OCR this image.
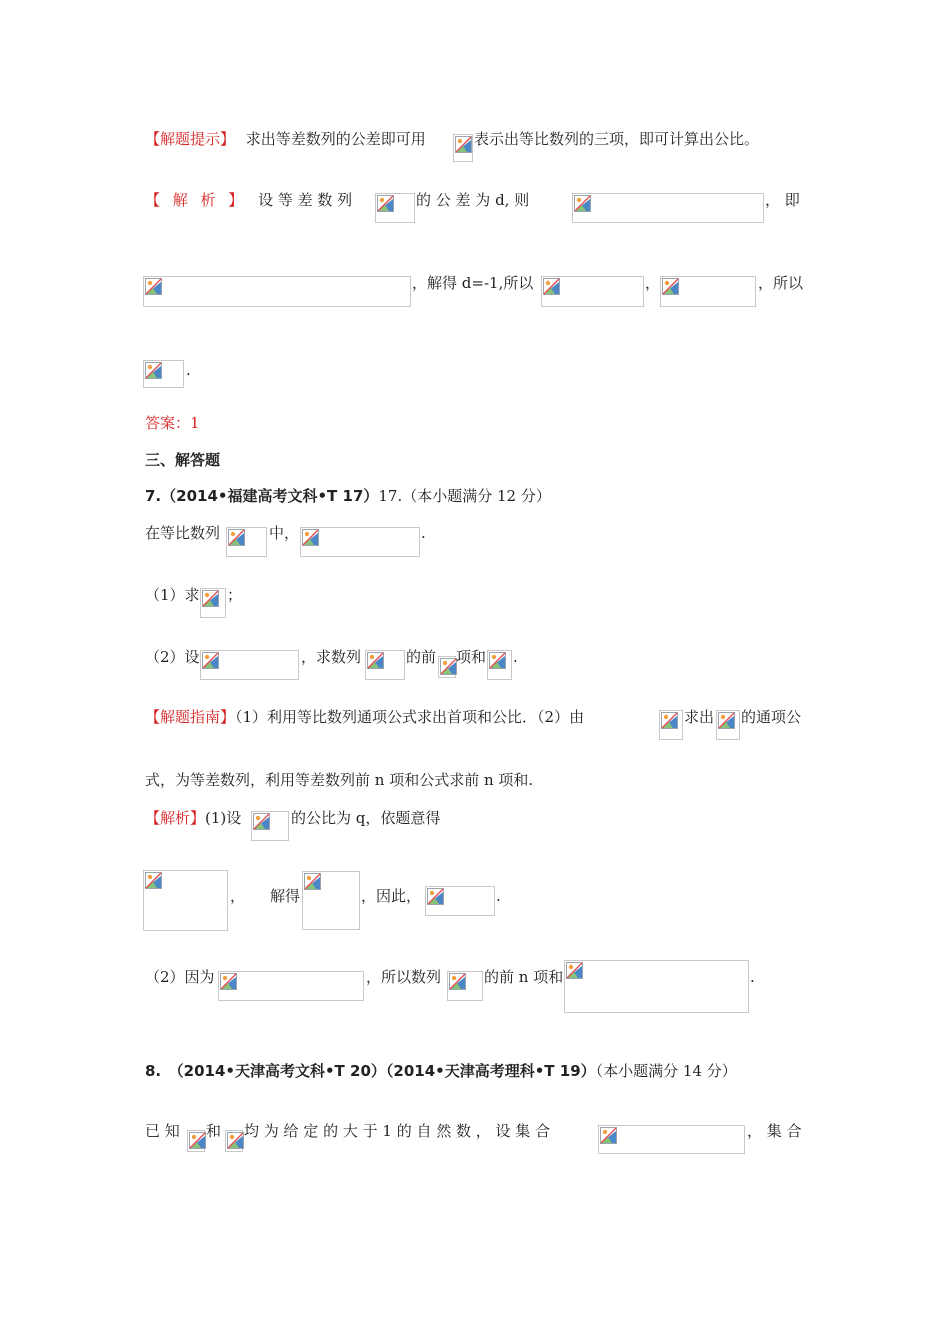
【解题提示】 求出等差数列的公差即可用	表示出等比数列的三项，即可计算出公比。
【 解 析 】 设 等 差 数 列	的 公 差 为 d, 则	， 即
，解得 d=-1,所以	，	，所以
.
答案：1
三、解答题
7.（2014•福建高考文科•T 17）17.（本小题满分 12 分）
在等比数列	中，	.
（1）求 ；
（2）设	，求数列	的前 项和 .
【解题指南】（1）利用等比数列通项公式求出首项和公比．（2）由	求出 的通项公
式，为等差数列，利用等差数列前 n 项和公式求前 n 项和.
【解析】(1)设	的公比为 q，依题意得
， 解得	，因此，	.
（2）因为	，所以数列	的前 n 项和	.
8.　（2014•天津高考文科•T 20）（2014•天津高考理科•T 19）（本小题满分 14 分）
已 知 和 均 为 给 定 的 大 于 1 的 自 然 数 ， 设 集 合	， 集 合
